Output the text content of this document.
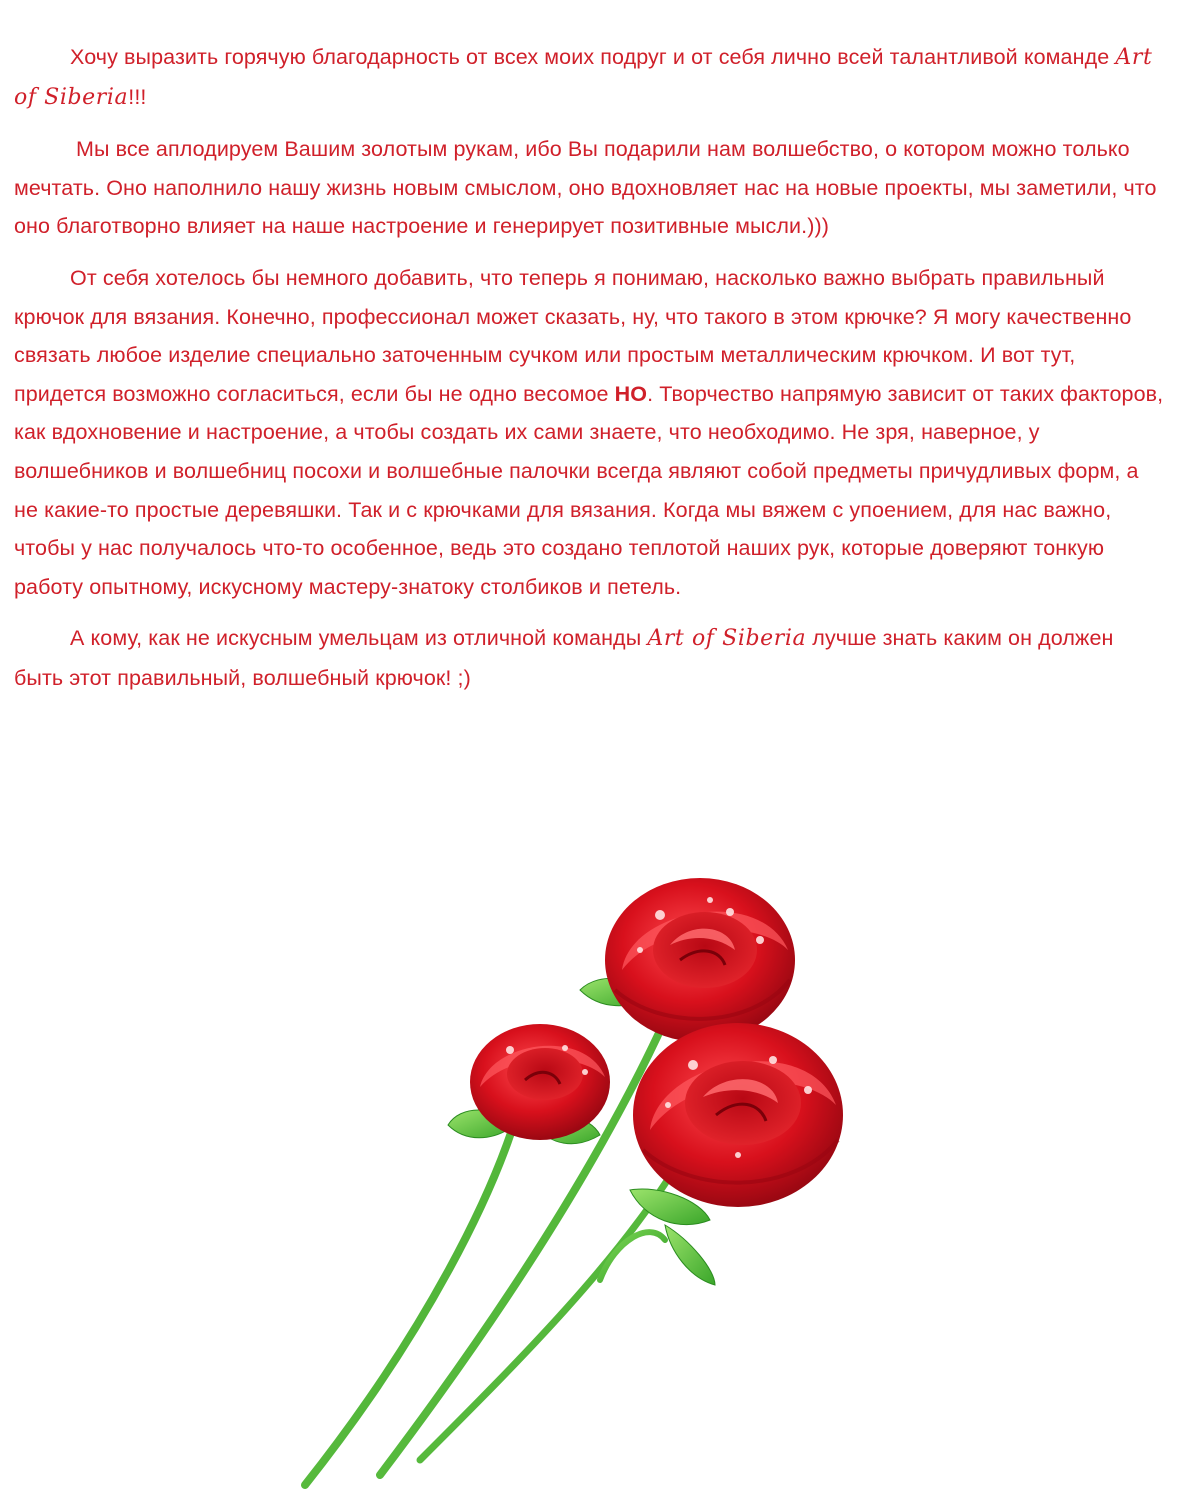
Хочу выразить горячую благодарность от всех моих подруг и от себя лично всей талантливой команде Art of Siberia!!!

Мы все аплодируем Вашим золотым рукам, ибо Вы подарили нам волшебство, о котором можно только мечтать. Оно наполнило нашу жизнь новым смыслом, оно вдохновляет нас на новые проекты, мы заметили, что оно благотворно влияет на наше настроение и генерирует позитивные мысли.)))

От себя хотелось бы немного добавить, что теперь я понимаю, насколько важно выбрать правильный крючок для вязания. Конечно, профессионал может сказать, ну, что такого в этом крючке? Я могу качественно связать любое изделие специально заточенным сучком или простым металлическим крючком. И вот тут, придется возможно согласиться, если бы не одно весомое НО. Творчество напрямую зависит от таких факторов, как вдохновение и настроение, а чтобы создать их сами знаете, что необходимо. Не зря, наверное, у волшебников и волшебниц посохи и волшебные палочки всегда являют собой предметы причудливых форм, а не какие-то простые деревяшки. Так и с крючками для вязания. Когда мы вяжем с упоением, для нас важно, чтобы у нас получалось что-то особенное, ведь это создано теплотой наших рук, которые доверяют тонкую работу опытному, искусному мастеру-знатоку столбиков и петель.

А кому, как не искусным умельцам из отличной команды Art of Siberia лучше знать каким он должен быть этот правильный, волшебный крючок! ;)
